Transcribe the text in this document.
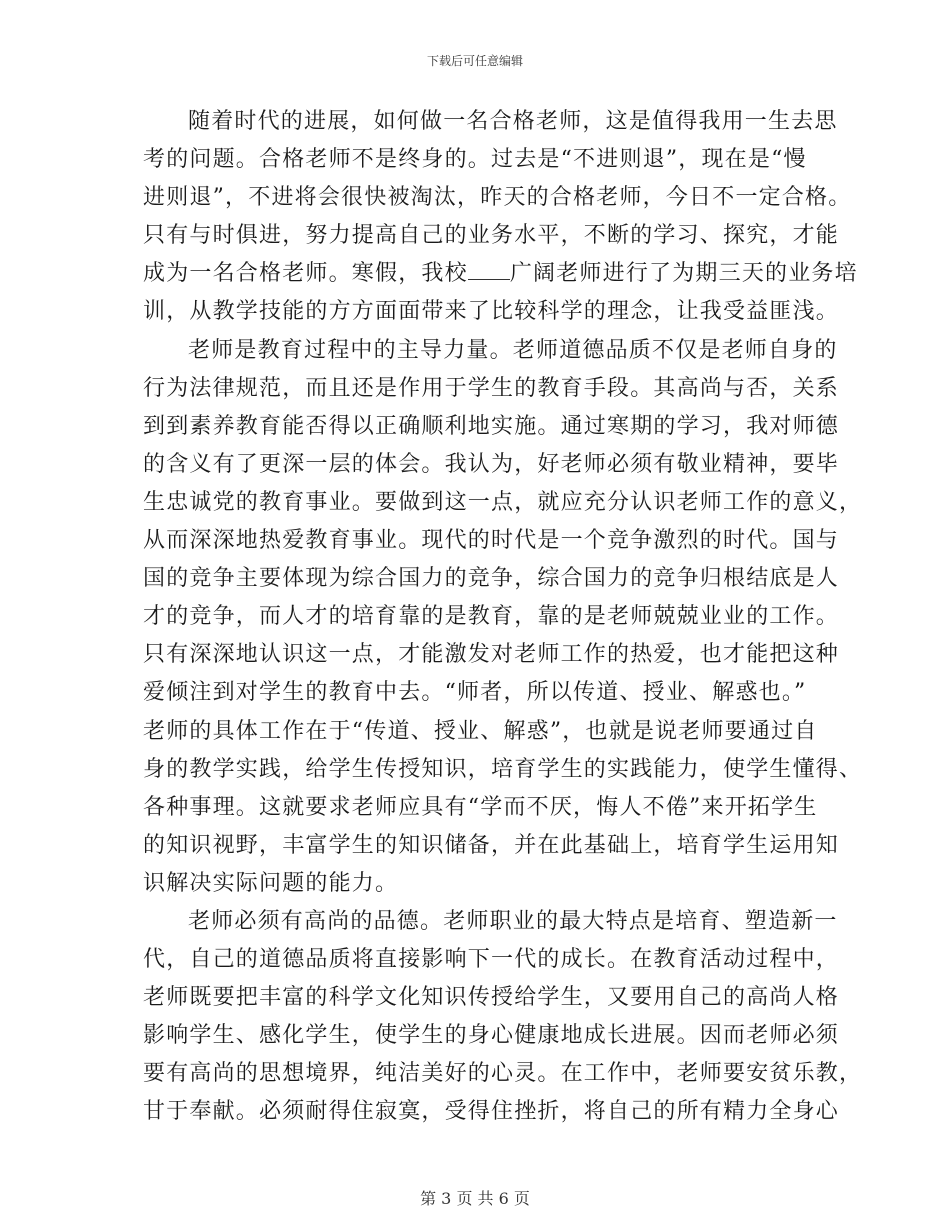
下载后可任意编辑
随着时代的进展，如何做一名合格老师，这是值得我用一生去思
考的问题。合格老师不是终身的。过去是“不进则退”，现在是“慢
进则退”，不进将会很快被淘汰，昨天的合格老师，今日不一定合格。
只有与时俱进，努力提高自己的业务水平，不断的学习、探究，才能
成为一名合格老师。寒假，我校 广阔老师进行了为期三天的业务培
训，从教学技能的方方面面带来了比较科学的理念，让我受益匪浅。
老师是教育过程中的主导力量。老师道德品质不仅是老师自身的
行为法律规范，而且还是作用于学生的教育手段。其高尚与否，关系
到到素养教育能否得以正确顺利地实施。通过寒期的学习，我对师德
的含义有了更深一层的体会。我认为，好老师必须有敬业精神，要毕
生忠诚党的教育事业。要做到这一点，就应充分认识老师工作的意义，
从而深深地热爱教育事业。现代的时代是一个竞争激烈的时代。国与
国的竞争主要体现为综合国力的竞争，综合国力的竞争归根结底是人
才的竞争，而人才的培育靠的是教育，靠的是老师兢兢业业的工作。
只有深深地认识这一点，才能激发对老师工作的热爱，也才能把这种
爱倾注到对学生的教育中去。“师者，所以传道、授业、解惑也。”
老师的具体工作在于“传道、授业、解惑”，也就是说老师要通过自
身的教学实践，给学生传授知识，培育学生的实践能力，使学生懂得、
各种事理。这就要求老师应具有“学而不厌，悔人不倦”来开拓学生
的知识视野，丰富学生的知识储备，并在此基础上，培育学生运用知
识解决实际问题的能力。
老师必须有高尚的品德。老师职业的最大特点是培育、塑造新一
代，自己的道德品质将直接影响下一代的成长。在教育活动过程中，
老师既要把丰富的科学文化知识传授给学生，又要用自己的高尚人格
影响学生、感化学生，使学生的身心健康地成长进展。因而老师必须
要有高尚的思想境界，纯洁美好的心灵。在工作中，老师要安贫乐教，
甘于奉献。必须耐得住寂寞，受得住挫折，将自己的所有精力全身心
第 3 页 共 6 页
